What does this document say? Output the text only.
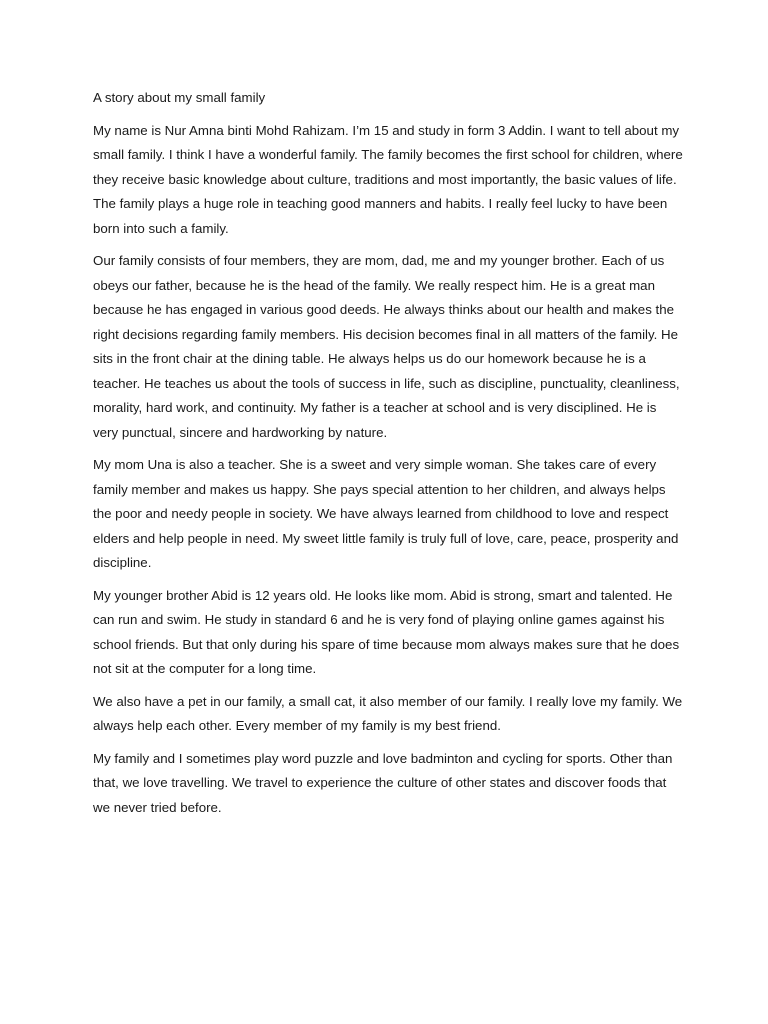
A story about my small family

My name is Nur Amna binti Mohd Rahizam. I’m 15 and study in form 3 Addin. I want to tell about my small family. I think I have a wonderful family. The family becomes the first school for children, where they receive basic knowledge about culture, traditions and most importantly, the basic values of life. The family plays a huge role in teaching good manners and habits. I really feel lucky to have been born into such a family.

Our family consists of four members, they are mom, dad, me and my younger brother. Each of us obeys our father, because he is the head of the family. We really respect him. He is a great man because he has engaged in various good deeds. He always thinks about our health and makes the right decisions regarding family members. His decision becomes final in all matters of the family. He sits in the front chair at the dining table. He always helps us do our homework because he is a teacher. He teaches us about the tools of success in life, such as discipline, punctuality, cleanliness, morality, hard work, and continuity. My father is a teacher at school and is very disciplined. He is very punctual, sincere and hardworking by nature.

My mom Una is also a teacher. She is a sweet and very simple woman. She takes care of every family member and makes us happy. She pays special attention to her children, and always helps the poor and needy people in society. We have always learned from childhood to love and respect elders and help people in need. My sweet little family is truly full of love, care, peace, prosperity and discipline.

My younger brother Abid is 12 years old. He looks like mom. Abid is strong, smart and talented. He can run and swim. He study in standard 6 and he is very fond of playing online games against his school friends. But that only during his spare of time because mom always makes sure that he does not sit at the computer for a long time.

We also have a pet in our family, a small cat, it also member of our family. I really love my family. We always help each other. Every member of my family is my best friend.

My family and I sometimes play word puzzle and love badminton and cycling for sports. Other than that, we love travelling. We travel to experience the culture of other states and discover foods that we never tried before.
